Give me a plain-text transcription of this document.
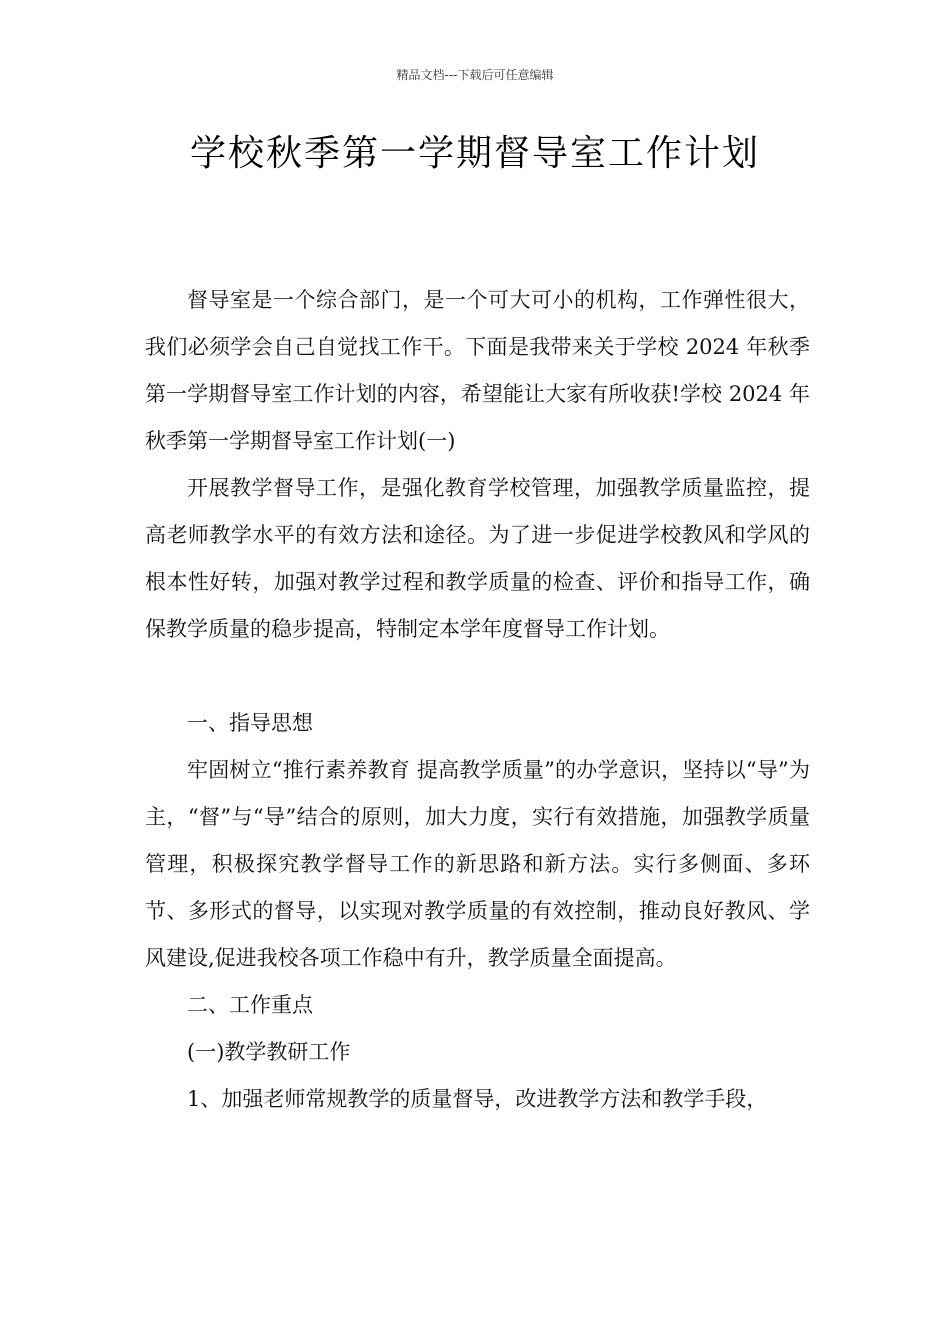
精品文档---下载后可任意编辑
学校秋季第一学期督导室工作计划

督导室是一个综合部门，是一个可大可小的机构，工作弹性很大，我们必须学会自己自觉找工作干。下面是我带来关于学校 2024 年秋季第一学期督导室工作计划的内容，希望能让大家有所收获!学校 2024 年秋季第一学期督导室工作计划(一)

开展教学督导工作，是强化教育学校管理，加强教学质量监控，提高老师教学水平的有效方法和途径。为了进一步促进学校教风和学风的根本性好转，加强对教学过程和教学质量的检查、评价和指导工作，确保教学质量的稳步提高，特制定本学年度督导工作计划。

一、指导思想

牢固树立“推行素养教育 提高教学质量”的办学意识，坚持以“导”为主，“督”与“导”结合的原则，加大力度，实行有效措施，加强教学质量管理，积极探究教学督导工作的新思路和新方法。实行多侧面、多环节、多形式的督导，以实现对教学质量的有效控制，推动良好教风、学风建设,促进我校各项工作稳中有升，教学质量全面提高。

二、工作重点

(一)教学教研工作

1、加强老师常规教学的质量督导，改进教学方法和教学手段，
